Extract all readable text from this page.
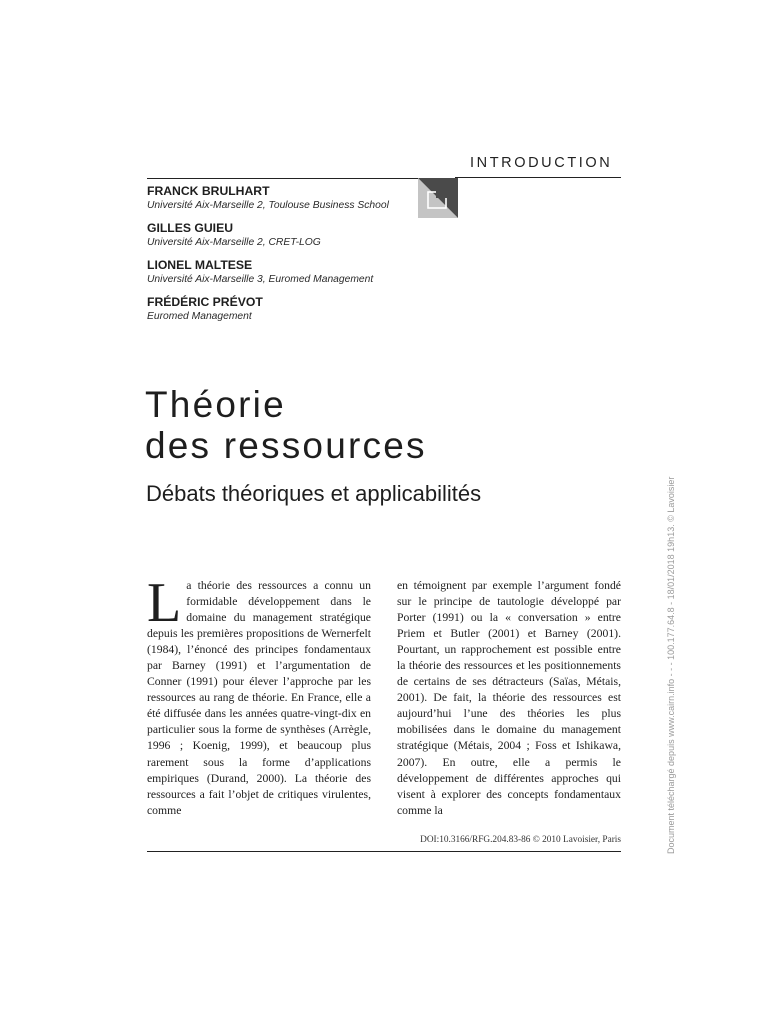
INTRODUCTION
FRANCK BRULHART
Université Aix-Marseille 2, Toulouse Business School
GILLES GUIEU
Université Aix-Marseille 2, CRET-LOG
LIONEL MALTESE
Université Aix-Marseille 3, Euromed Management
FRÉDÉRIC PRÉVOT
Euromed Management
Théorie
des ressources
Débats théoriques et applicabilités
La théorie des ressources a connu un formidable développement dans le domaine du management stratégique depuis les premières propositions de Wernerfelt (1984), l’énoncé des principes fondamentaux par Barney (1991) et l’argumentation de Conner (1991) pour élever l’approche par les ressources au rang de théorie. En France, elle a été diffusée dans les années quatre-vingt-dix en particulier sous la forme de synthèses (Arrègle, 1996 ; Koenig, 1999), et beaucoup plus rarement sous la forme d’applications empiriques (Durand, 2000). La théorie des ressources a fait l’objet de critiques virulentes, comme
en témoignent par exemple l’argument fondé sur le principe de tautologie développé par Porter (1991) ou la « conversation » entre Priem et Butler (2001) et Barney (2001). Pourtant, un rapprochement est possible entre la théorie des ressources et les positionnements de certains de ses détracteurs (Saïas, Métais, 2001). De fait, la théorie des ressources est aujourd’hui l’une des théories les plus mobilisées dans le domaine du management stratégique (Métais, 2004 ; Foss et Ishikawa, 2007). En outre, elle a permis le développement de différentes approches qui visent à explorer des concepts fondamentaux comme la
DOI:10.3166/RFG.204.83-86 © 2010 Lavoisier, Paris	Document téléchargé depuis www.cairn.info - - - 100.177.64.8 - 18/01/2018 19h13. © Lavoisier
